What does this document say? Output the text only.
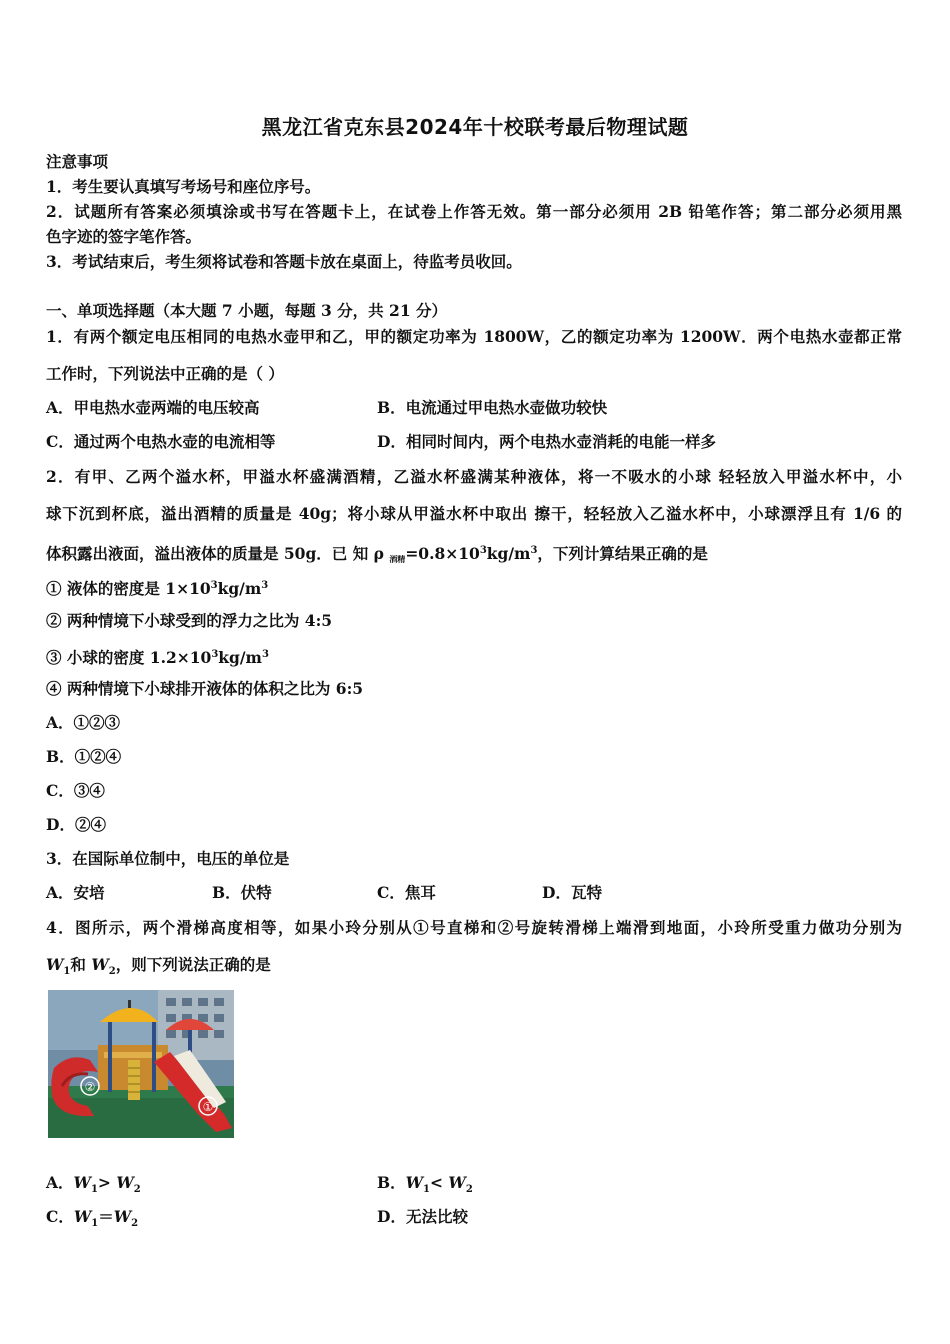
黑龙江省克东县2024年十校联考最后物理试题
注意事项
1．考生要认真填写考场号和座位序号。
2．试题所有答案必须填涂或书写在答题卡上，在试卷上作答无效。第一部分必须用 2B 铅笔作答；第二部分必须用黑
色字迹的签字笔作答。
3．考试结束后，考生须将试卷和答题卡放在桌面上，待监考员收回。
一、单项选择题（本大题 7 小题，每题 3 分，共 21 分）
1．有两个额定电压相同的电热水壶甲和乙，甲的额定功率为 1800W，乙的额定功率为 1200W．两个电热水壶都正常
工作时，下列说法中正确的是（ ）
A．甲电热水壶两端的电压较高	B．电流通过甲电热水壶做功较快
C．通过两个电热水壶的电流相等	D．相同时间内，两个电热水壶消耗的电能一样多
2．有甲、乙两个溢水杯，甲溢水杯盛满酒精，乙溢水杯盛满某种液体，将一不吸水的小球 轻轻放入甲溢水杯中，小
球下沉到杯底，溢出酒精的质量是 40g；将小球从甲溢水杯中取出 擦干，轻轻放入乙溢水杯中，小球漂浮且有 1/6 的
体积露出液面，溢出液体的质量是 50g．已 知 ρ $_{酒精}=0.8\times 10^3kg/m^3$，下列计算结果正确的是
① 液体的密度是 $1\times 10^3kg/m^3$
② 两种情境下小球受到的浮力之比为 4:5
③ 小球的密度 $1.2\times 10^3kg/m^3$
④ 两种情境下小球排开液体的体积之比为 6:5
A．①②③
B．①②④
C．③④
D．②④
3．在国际单位制中，电压的单位是
A．安培	B．伏特	C．焦耳	D．瓦特
4．图所示，两个滑梯高度相等，如果小玲分别从①号直梯和②号旋转滑梯上端滑到地面，小玲所受重力做功分别为
$W_1$和 $W_2$，则下列说法正确的是
②
①
A．$W_1> W_2$	B．$W_1< W_2$
C．$W_1=W_2$	D．无法比较
